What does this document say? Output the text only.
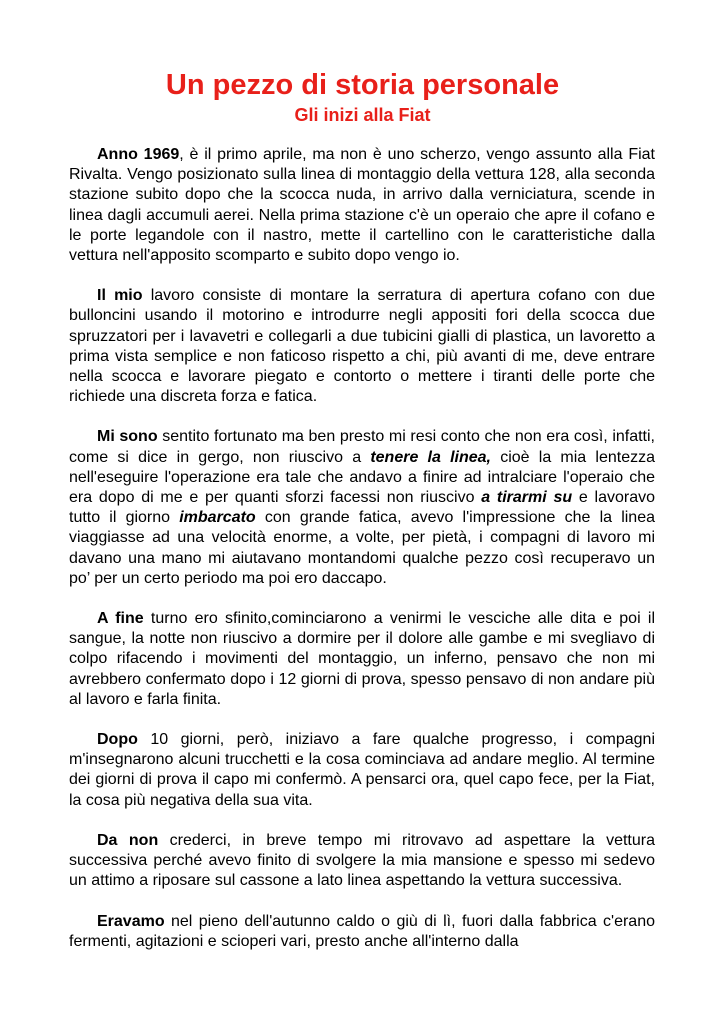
Un pezzo di storia personale
Gli inizi alla Fiat

Anno 1969, è il primo aprile, ma non è uno scherzo, vengo assunto alla Fiat Rivalta. Vengo posizionato sulla linea di montaggio della vettura 128, alla seconda stazione subito dopo che la scocca nuda, in arrivo dalla verniciatura, scende in linea dagli accumuli aerei. Nella prima stazione c'è un operaio che apre il cofano e le porte legandole con il nastro, mette il cartellino con le caratteristiche dalla vettura nell'apposito scomparto e subito dopo vengo io.

Il mio lavoro consiste di montare la serratura di apertura cofano con due bulloncini usando il motorino e introdurre negli appositi fori della scocca due spruzzatori per i lavavetri e collegarli a due tubicini gialli di plastica, un lavoretto a prima vista semplice e non faticoso rispetto a chi, più avanti di me, deve entrare nella scocca e lavorare piegato e contorto o mettere i tiranti delle porte che richiede una discreta forza e fatica.

Mi sono sentito fortunato ma ben presto mi resi conto che non era così, infatti, come si dice in gergo, non riuscivo a tenere la linea, cioè la mia lentezza nell'eseguire l'operazione era tale che andavo a finire ad intralciare l'operaio che era dopo di me e per quanti sforzi facessi non riuscivo a tirarmi su e lavoravo tutto il giorno imbarcato con grande fatica, avevo l'impressione che la linea viaggiasse ad una velocità enorme, a volte, per pietà, i compagni di lavoro mi davano una mano mi aiutavano montandomi qualche pezzo così recuperavo un po’ per un certo periodo ma poi ero daccapo.

A fine turno ero sfinito,cominciarono a venirmi le vesciche alle dita e poi il sangue, la notte non riuscivo a dormire per il dolore alle gambe e mi svegliavo di colpo rifacendo i movimenti del montaggio, un inferno, pensavo che non mi avrebbero confermato dopo i 12 giorni di prova, spesso pensavo di non andare più al lavoro e farla finita.

Dopo 10 giorni, però, iniziavo a fare qualche progresso, i compagni m'insegnarono alcuni trucchetti e la cosa cominciava ad andare meglio. Al termine dei giorni di prova il capo mi confermò. A pensarci ora, quel capo fece, per la Fiat, la cosa più negativa della sua vita.

Da non crederci, in breve tempo mi ritrovavo ad aspettare la vettura successiva perché avevo finito di svolgere la mia mansione e spesso mi sedevo un attimo a riposare sul cassone a lato linea aspettando la vettura successiva.

Eravamo nel pieno dell'autunno caldo o giù di lì, fuori dalla fabbrica c'erano fermenti, agitazioni e scioperi vari, presto anche all'interno dalla
